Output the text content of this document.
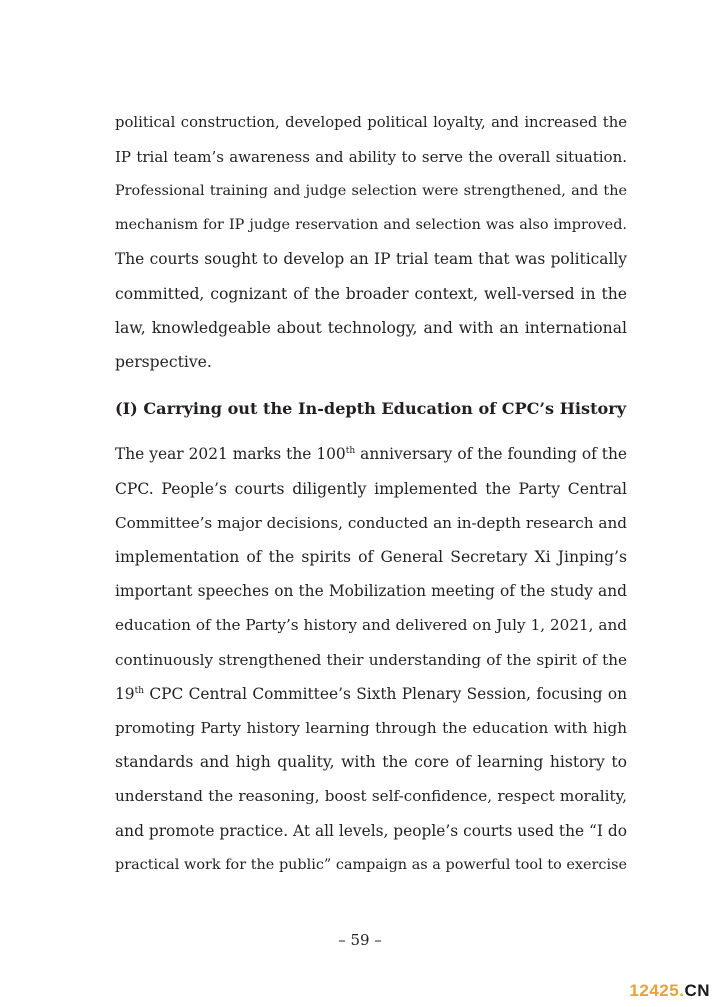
political construction, developed political loyalty, and increased the
IP trial team’s awareness and ability to serve the overall situation.
Professional training and judge selection were strengthened, and the
mechanism for IP judge reservation and selection was also improved.
The courts sought to develop an IP trial team that was politically
committed, cognizant of the broader context, well-versed in the
law, knowledgeable about technology, and with an international
perspective.
(I) Carrying out the In-depth Education of CPC’s History
The year 2021 marks the 100th anniversary of the founding of the
CPC. People’s courts diligently implemented the Party Central
Committee’s major decisions, conducted an in-depth research and
implementation of the spirits of General Secretary Xi Jinping’s
important speeches on the Mobilization meeting of the study and
education of the Party’s history and delivered on July 1, 2021, and
continuously strengthened their understanding of the spirit of the
19th CPC Central Committee’s Sixth Plenary Session, focusing on
promoting Party history learning through the education with high
standards and high quality, with the core of learning history to
understand the reasoning, boost self-confidence, respect morality,
and promote practice. At all levels, people’s courts used the “I do
practical work for the public” campaign as a powerful tool to exercise
– 59 –
12425.CN
